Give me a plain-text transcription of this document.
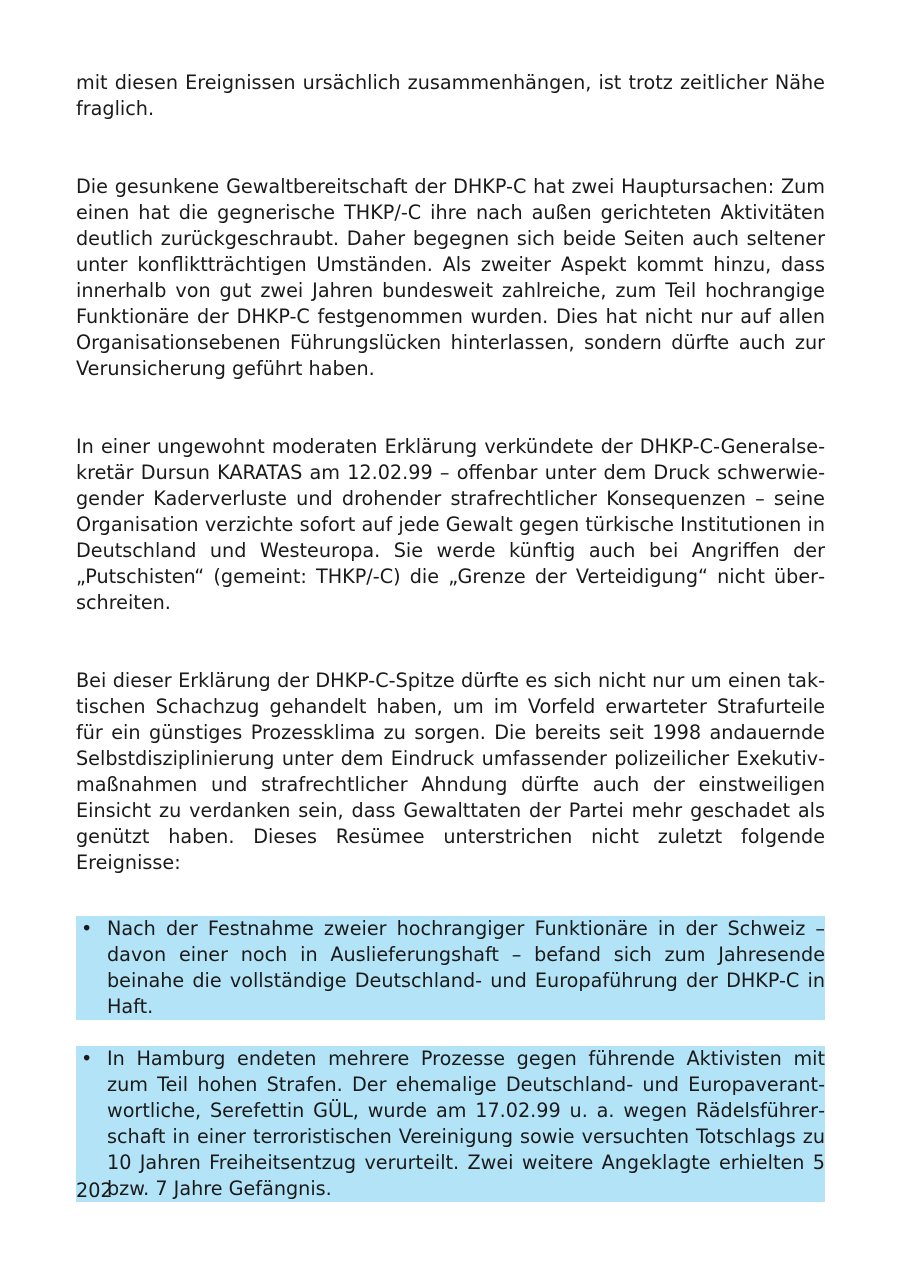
mit diesen Ereignissen ursächlich zusammenhängen, ist trotz zeitlicher Nähe fraglich.

Die gesunkene Gewaltbereitschaft der DHKP-C hat zwei Hauptursachen: Zum einen hat die gegnerische THKP/-C ihre nach außen gerichteten Aktivitäten deutlich zurückgeschraubt. Daher begegnen sich beide Seiten auch seltener unter konfliktträchtigen Umständen. Als zweiter Aspekt kommt hinzu, dass innerhalb von gut zwei Jahren bundesweit zahlreiche, zum Teil hochrangige Funktionäre der DHKP-C festgenommen wurden. Dies hat nicht nur auf allen Organisationsebenen Führungslücken hinterlassen, sondern dürfte auch zur Verunsicherung geführt haben.

In einer ungewohnt moderaten Erklärung verkündete der DHKP-C-Generalsekretär Dursun KARATAS am 12.02.99 – offenbar unter dem Druck schwerwiegender Kaderverluste und drohender strafrechtlicher Konsequenzen – seine Organisation verzichte sofort auf jede Gewalt gegen türkische Institutionen in Deutschland und Westeuropa. Sie werde künftig auch bei Angriffen der „Putschisten“ (gemeint: THKP/-C) die „Grenze der Verteidigung“ nicht überschreiten.

Bei dieser Erklärung der DHKP-C-Spitze dürfte es sich nicht nur um einen taktischen Schachzug gehandelt haben, um im Vorfeld erwarteter Strafurteile für ein günstiges Prozessklima zu sorgen. Die bereits seit 1998 andauernde Selbstdisziplinierung unter dem Eindruck umfassender polizeilicher Exekutivmaßnahmen und strafrechtlicher Ahndung dürfte auch der einstweiligen Einsicht zu verdanken sein, dass Gewalttaten der Partei mehr geschadet als genützt haben. Dieses Resümee unterstrichen nicht zuletzt folgende Ereignisse:

• Nach der Festnahme zweier hochrangiger Funktionäre in der Schweiz – davon einer noch in Auslieferungshaft – befand sich zum Jahresende beinahe die vollständige Deutschland- und Europaführung der DHKP-C in Haft.
• In Hamburg endeten mehrere Prozesse gegen führende Aktivisten mit zum Teil hohen Strafen. Der ehemalige Deutschland- und Europaverantwortliche, Serefettin GÜL, wurde am 17.02.99 u. a. wegen Rädelsführerschaft in einer terroristischen Vereinigung sowie versuchten Totschlags zu 10 Jahren Freiheitsentzug verurteilt. Zwei weitere Angeklagte erhielten 5 bzw. 7 Jahre Gefängnis.
202
